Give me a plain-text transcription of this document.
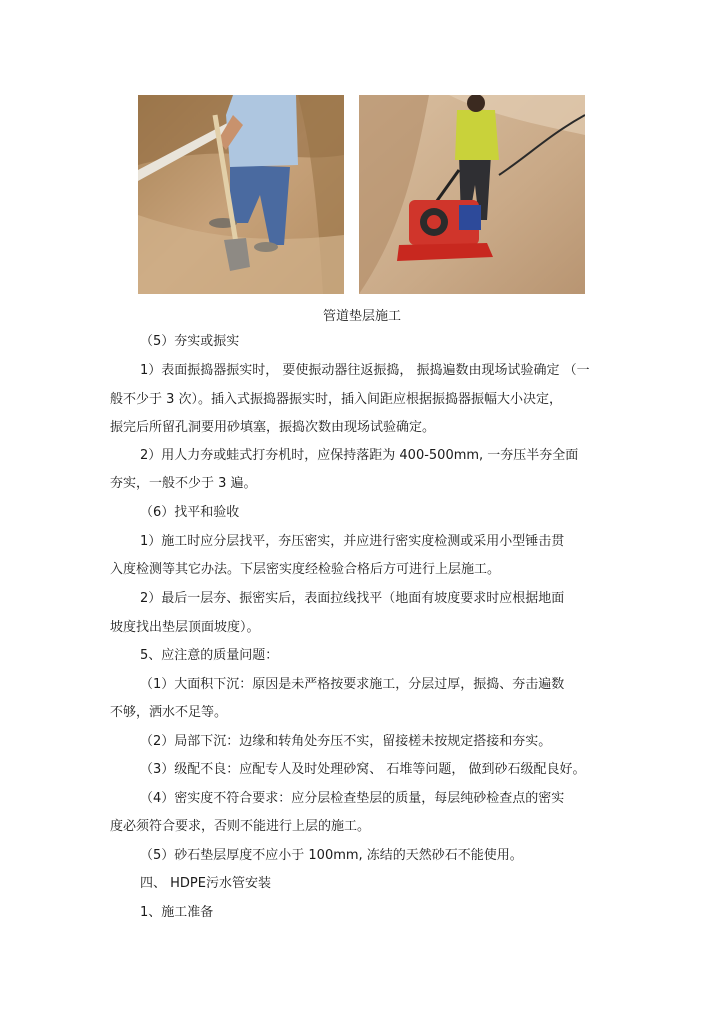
管道垫层施工
（5）夯实或振实
1）表面振捣器振实时， 要使振动器往返振捣， 振捣遍数由现场试验确定 （一
般不少于 3 次）。插入式振捣器振实时，插入间距应根据振捣器振幅大小决定，
振完后所留孔洞要用砂填塞，振捣次数由现场试验确定。
2）用人力夯或蛙式打夯机时，应保持落距为 400-500mm, 一夯压半夯全面
夯实，一般不少于 3 遍。
（6）找平和验收
1）施工时应分层找平，夯压密实，并应进行密实度检测或采用小型锤击贯
入度检测等其它办法。下层密实度经检验合格后方可进行上层施工。
2）最后一层夯、振密实后，表面拉线找平（地面有坡度要求时应根据地面
坡度找出垫层顶面坡度）。
5、应注意的质量问题：
（1）大面积下沉：原因是未严格按要求施工，分层过厚，振捣、夯击遍数
不够，洒水不足等。
（2）局部下沉：边缘和转角处夯压不实，留接槎未按规定搭接和夯实。
（3）级配不良：应配专人及时处理砂窝、 石堆等问题， 做到砂石级配良好。
（4）密实度不符合要求：应分层检查垫层的质量，每层纯砂检查点的密实
度必须符合要求，否则不能进行上层的施工。
（5）砂石垫层厚度不应小于 100mm, 冻结的天然砂石不能使用。
四、 HDPE污水管安装
1、施工准备
